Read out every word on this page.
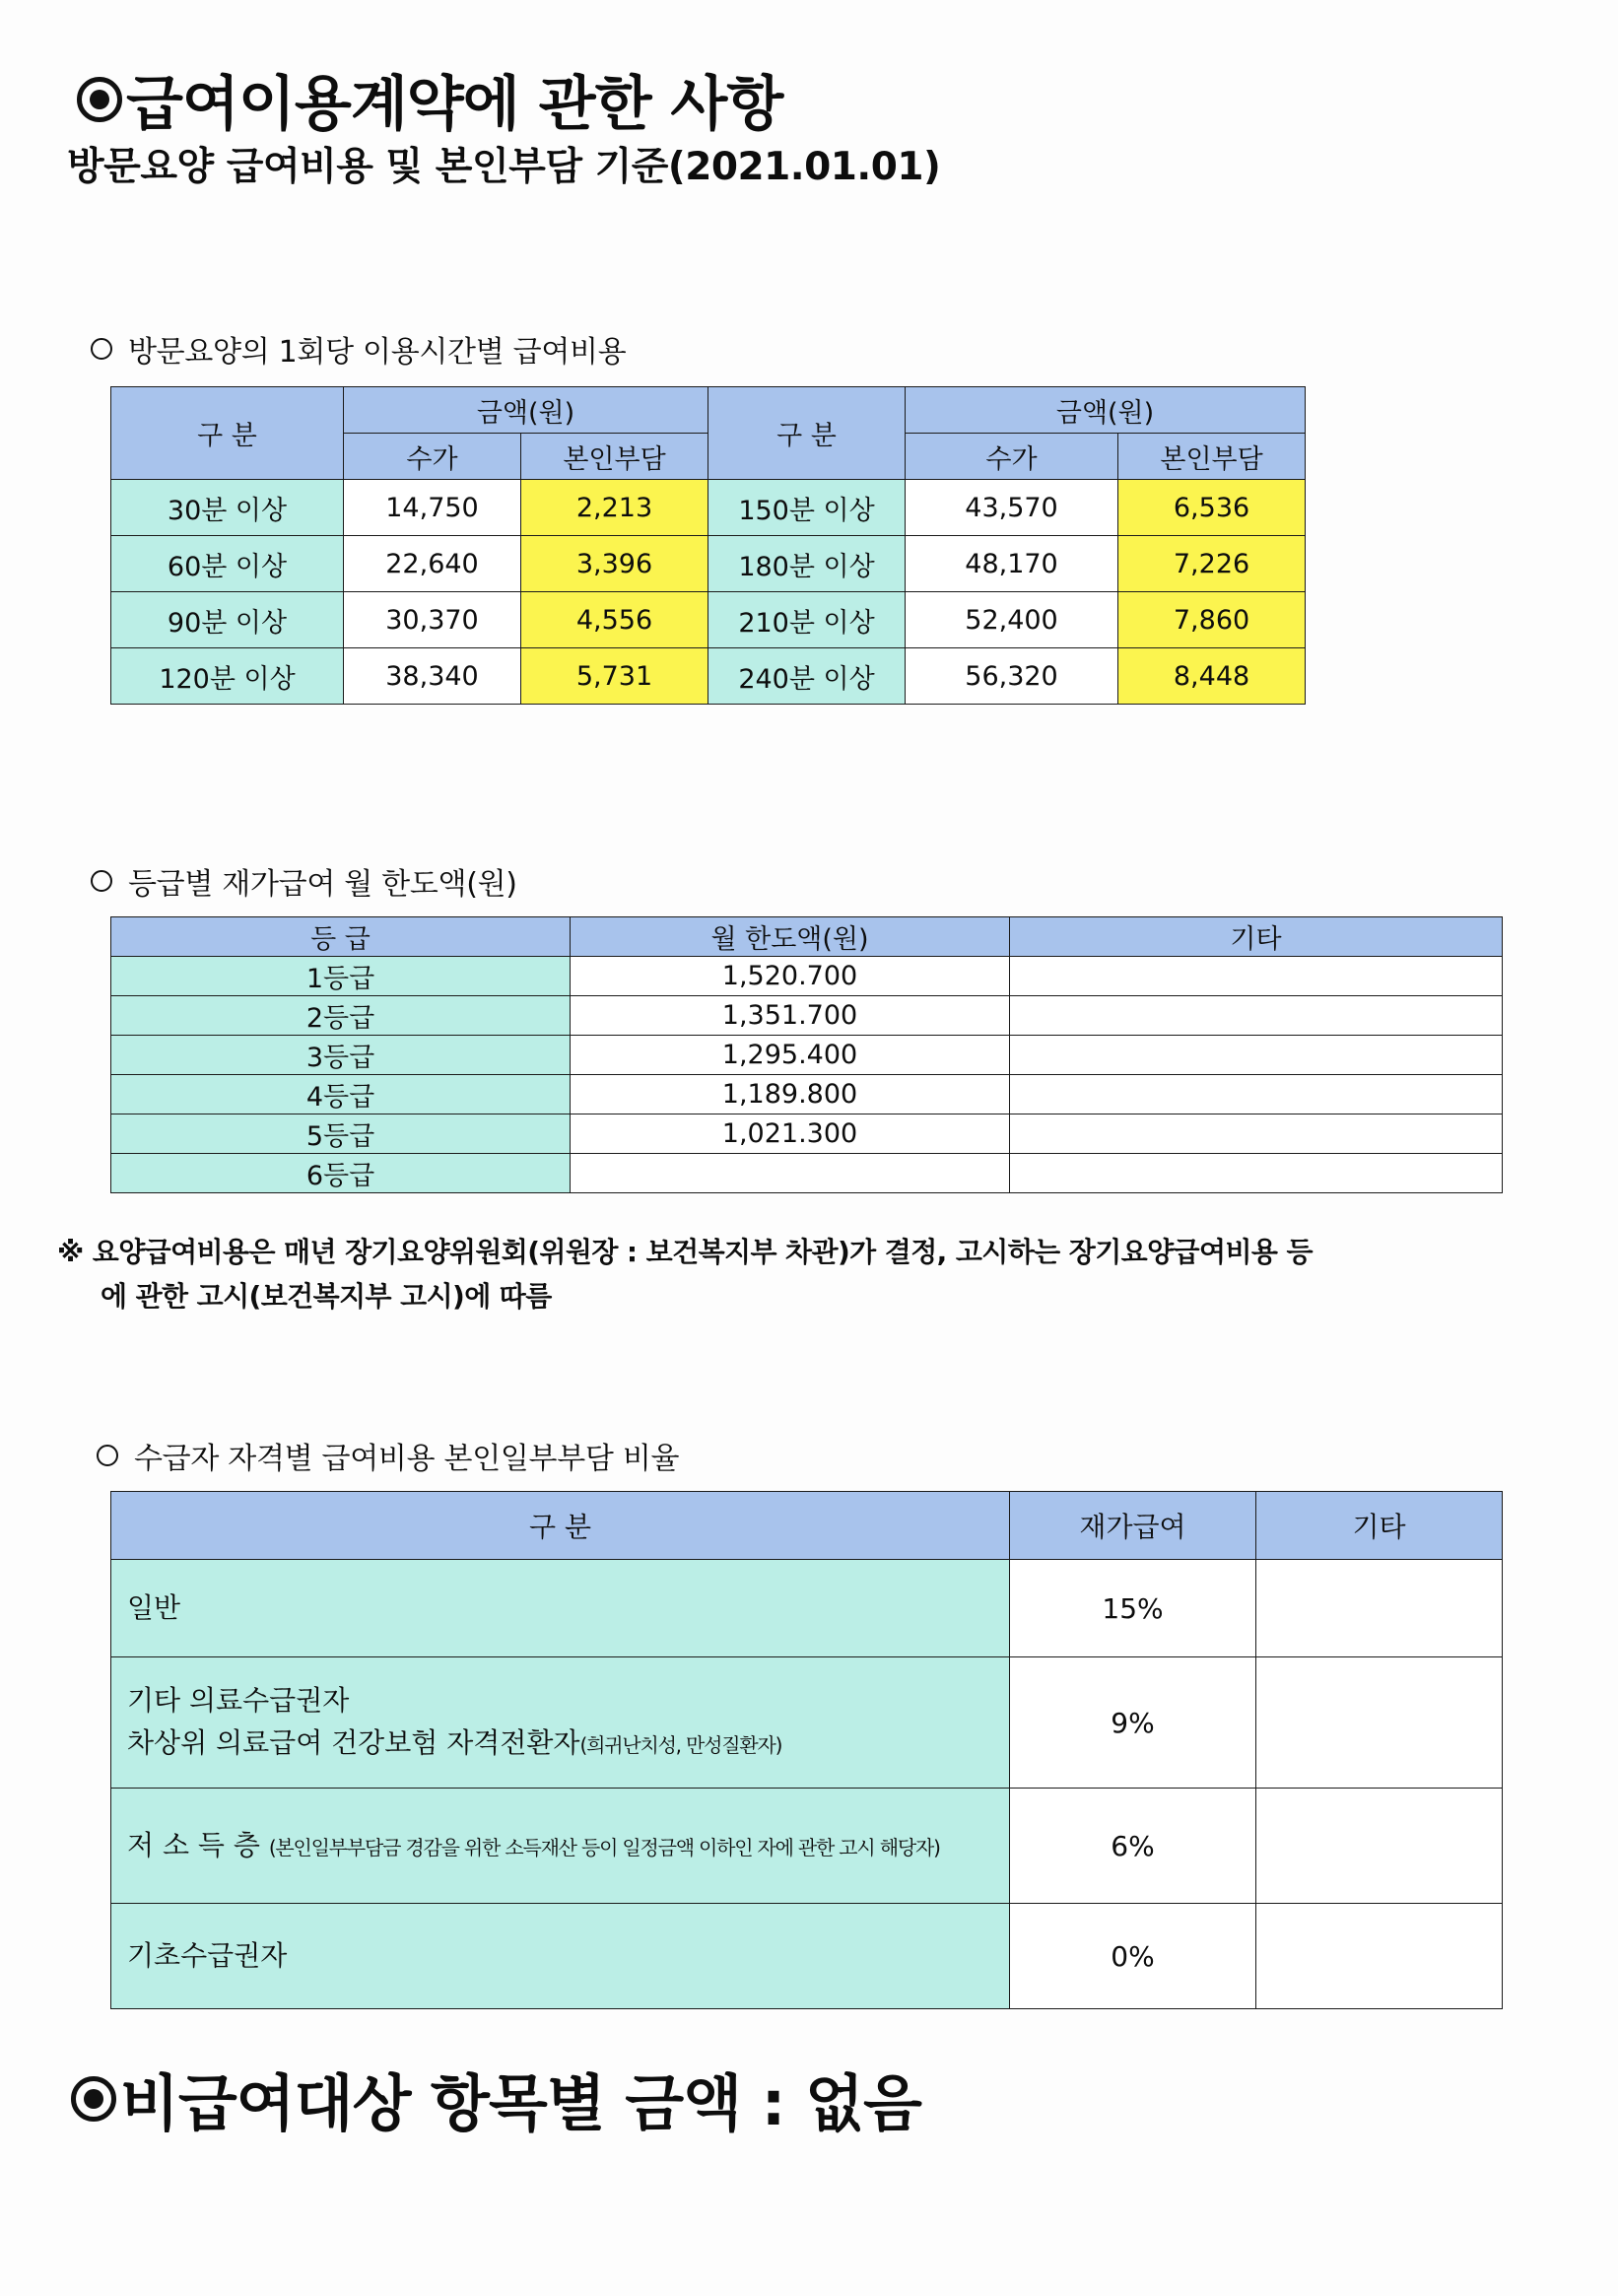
급여이용계약에 관한 사항
방문요양 급여비용 및 본인부담 기준(2021.01.01)
방문요양의 1회당 이용시간별 급여비용
구 분	금액(원)		구 분	금액(원)	
	수가	본인부담		수가	본인부담
30분 이상	14,750	2,213	150분 이상	43,570	6,536
60분 이상	22,640	3,396	180분 이상	48,170	7,226
90분 이상	30,370	4,556	210분 이상	52,400	7,860
120분 이상	38,340	5,731	240분 이상	56,320	8,448
등급별 재가급여 월 한도액(원)
등 급	월 한도액(원)	기타
1등급	1,520.700	
2등급	1,351.700	
3등급	1,295.400	
4등급	1,189.800	
5등급	1,021.300	
6등급		
※ 요양급여비용은 매년 장기요양위원회(위원장 : 보건복지부 차관)가 결정, 고시하는 장기요양급여비용 등
에 관한 고시(보건복지부 고시)에 따름
수급자 자격별 급여비용 본인일부부담 비율
구 분	재가급여	기타
일반	15%	

기타 의료수급권자
차상위 의료급여 건강보험 자격전환자(희귀난치성, 만성질환자)	9%	
저 소 득 층 (본인일부부담금 경감을 위한 소득재산 등이 일정금액 이하인 자에 관한 고시 해당자)	6%	
기초수급권자	0%	
비급여대상 항목별 금액 : 없음
